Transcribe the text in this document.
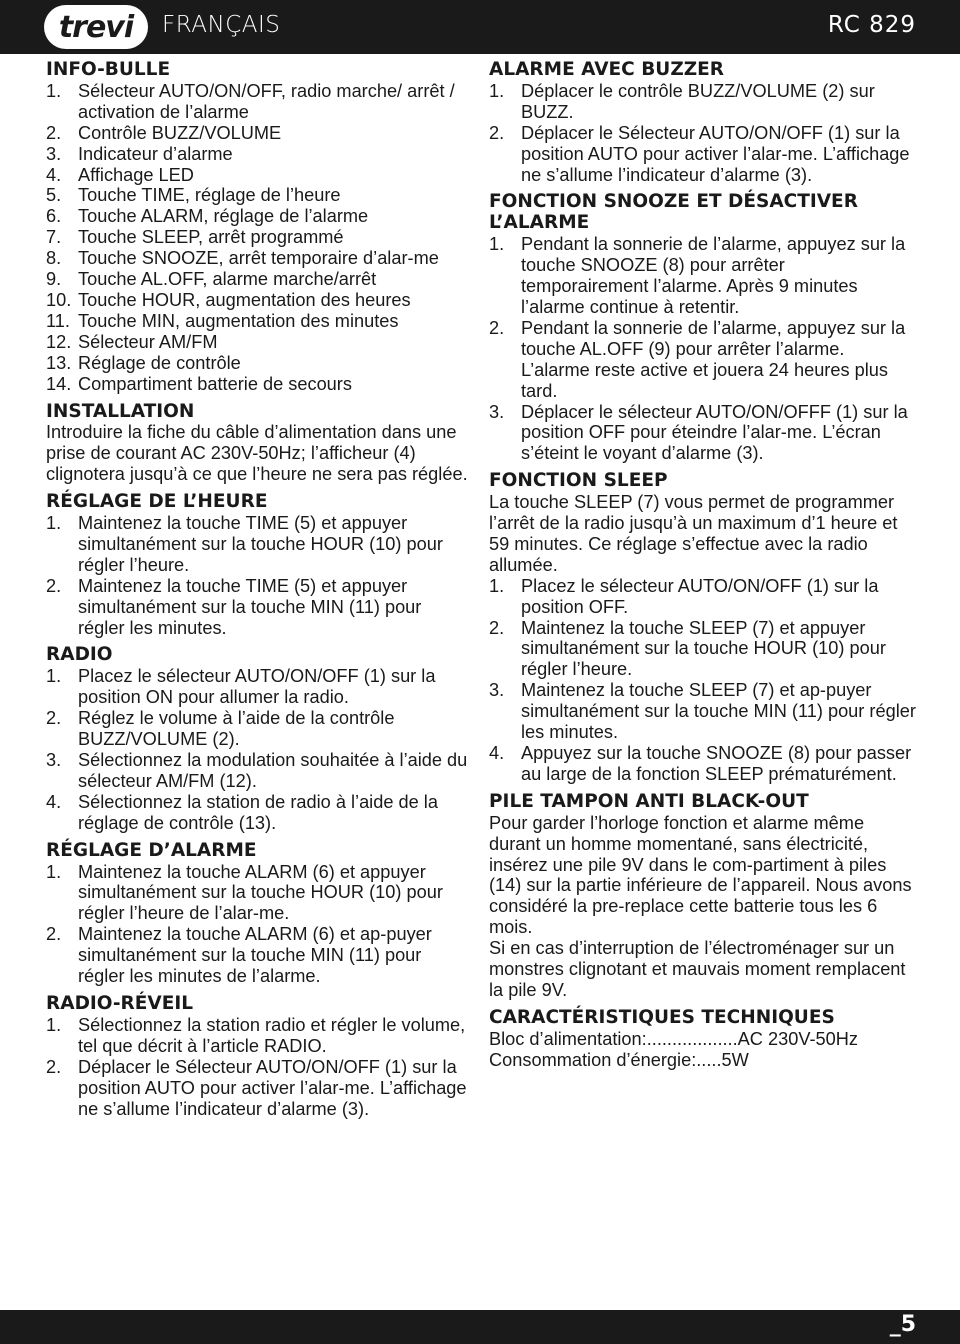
trevi FRANÇAIS	RC 829
INFO-BULLE
1. Sélecteur AUTO/ON/OFF, radio marche/ arrêt / activation de l’alarme
2. Contrôle BUZZ/VOLUME
3. Indicateur d’alarme
4. Affichage LED
5. Touche TIME, réglage de l’heure
6. Touche ALARM, réglage de l’alarme
7. Touche SLEEP, arrêt programmé
8. Touche SNOOZE, arrêt temporaire d’alar-me
9. Touche AL.OFF, alarme marche/arrêt
10. Touche HOUR, augmentation des heures
11. Touche MIN, augmentation des minutes
12. Sélecteur AM/FM
13. Réglage de contrôle
14. Compartiment batterie de secours
INSTALLATION

Introduire la fiche du câble d’alimentation dans une prise de courant AC 230V-50Hz; l’afficheur (4) clignotera jusqu’à ce que l’heure ne sera pas réglée.

RÉGLAGE DE L’HEURE
1. Maintenez la touche TIME (5) et appuyer simultanément sur la touche HOUR (10) pour régler l’heure.
2. Maintenez la touche TIME (5) et appuyer simultanément sur la touche MIN (11) pour régler les minutes.
RADIO
1. Placez le sélecteur AUTO/ON/OFF (1) sur la position ON pour allumer la radio.
2. Réglez le volume à l’aide de la contrôle BUZZ/VOLUME (2).
3. Sélectionnez la modulation souhaitée à l’aide du sélecteur AM/FM (12).
4. Sélectionnez la station de radio à l’aide de la réglage de contrôle (13).
RÉGLAGE D’ALARME
1. Maintenez la touche ALARM (6) et appuyer simultanément sur la touche HOUR (10) pour régler l’heure de l’alar-me.
2. Maintenez la touche ALARM (6) et ap-puyer simultanément sur la touche MIN (11) pour régler les minutes de l’alarme.
RADIO-RÉVEIL
1. Sélectionnez la station radio et régler le volume, tel que décrit à l’article RADIO.
2. Déplacer le Sélecteur AUTO/ON/OFF (1) sur la position AUTO pour activer l’alar-me. L’affichage ne s’allume l’indicateur d’alarme (3).
ALARME AVEC BUZZER
1. Déplacer le contrôle BUZZ/VOLUME (2) sur BUZZ.
2. Déplacer le Sélecteur AUTO/ON/OFF (1) sur la position AUTO pour activer l’alar-me. L’affichage ne s’allume l’indicateur d’alarme (3).
FONCTION SNOOZE ET DÉSACTIVER L’ALARME
1. Pendant la sonnerie de l’alarme, appuyez sur la touche SNOOZE (8) pour arrêter temporairement l’alarme. Après 9 minutes l’alarme continue à retentir.
2. Pendant la sonnerie de l’alarme, appuyez sur la touche AL.OFF (9) pour arrêter l’alarme. L’alarme reste active et jouera 24 heures plus tard.
3. Déplacer le sélecteur AUTO/ON/OFFF (1) sur la position OFF pour éteindre l’alar-me. L’écran s’éteint le voyant d’alarme (3).
FONCTION SLEEP

La touche SLEEP (7) vous permet de programmer l’arrêt de la radio jusqu’à un maximum d’1 heure et 59 minutes. Ce réglage s’effectue avec la radio allumée.

1. Placez le sélecteur AUTO/ON/OFF (1) sur la position OFF.
2. Maintenez la touche SLEEP (7) et appuyer simultanément sur la touche HOUR (10) pour régler l’heure.
3. Maintenez la touche SLEEP (7) et ap-puyer simultanément sur la touche MIN (11) pour régler les minutes.
4. Appuyez sur la touche SNOOZE (8) pour passer au large de la fonction SLEEP prématurément.
PILE TAMPON ANTI BLACK-OUT

Pour garder l’horloge fonction et alarme même durant un homme momentané, sans électricité, insérez une pile 9V dans le com-partiment à piles (14) sur la partie inférieure de l’appareil. Nous avons considéré la pre-replace cette batterie tous les 6 mois.

Si en cas d’interruption de l’électroménager sur un monstres clignotant et mauvais moment remplacent la pile 9V.

CARACTÉRISTIQUES TECHNIQUES
Bloc d’alimentation:..................AC 230V-50Hz
Consommation d’énergie:.....5W
_5
